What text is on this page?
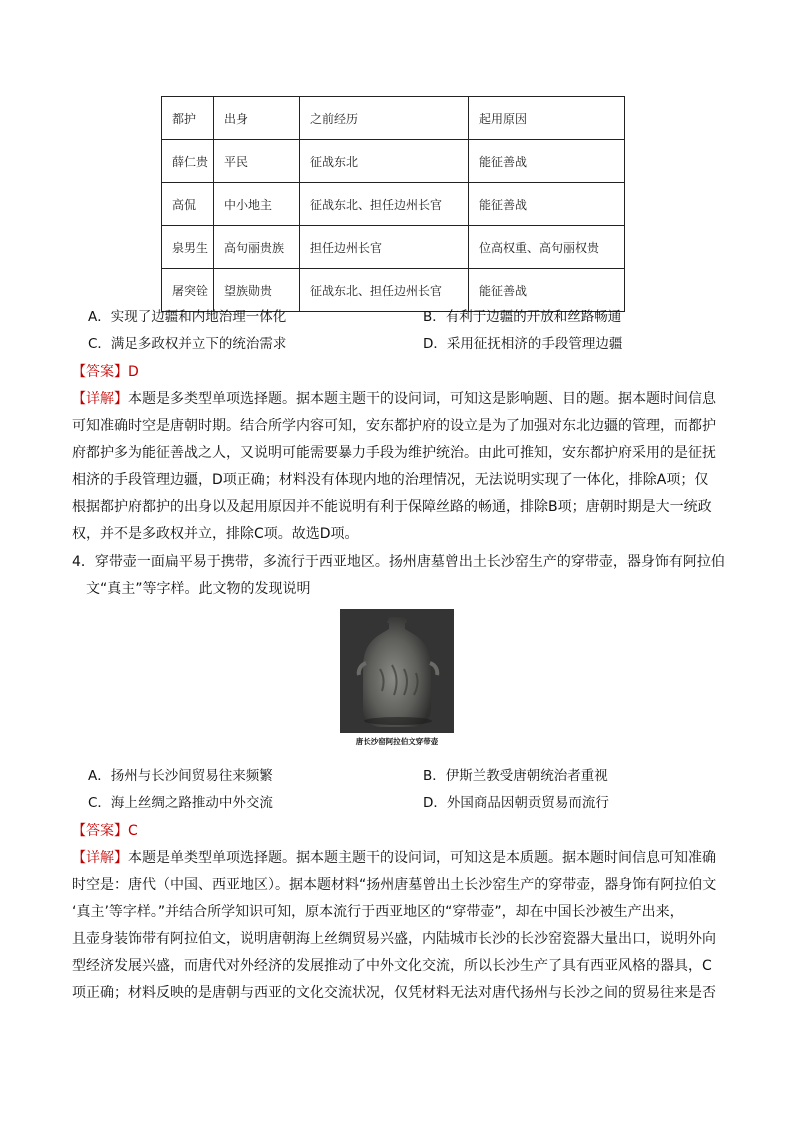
都护	出身	之前经历	起用原因
薛仁贵	平民	征战东北	能征善战
高侃	中小地主	征战东北、担任边州长官	能征善战
泉男生	高句丽贵族	担任边州长官	位高权重、高句丽权贵
屠突铨	望族勋贵	征战东北、担任边州长官	能征善战
A．实现了边疆和内地治理一体化	B．有利于边疆的开放和丝路畅通
C．满足多政权并立下的统治需求	D．采用征抚相济的手段管理边疆
【答案】D
【详解】本题是多类型单项选择题。据本题主题干的设问词，可知这是影响题、目的题。据本题时间信息
可知准确时空是唐朝时期。结合所学内容可知，安东都护府的设立是为了加强对东北边疆的管理，而都护
府都护多为能征善战之人，又说明可能需要暴力手段为维护统治。由此可推知，安东都护府采用的是征抚
相济的手段管理边疆，D项正确；材料没有体现内地的治理情况，无法说明实现了一体化，排除A项；仅
根据都护府都护的出身以及起用原因并不能说明有利于保障丝路的畅通，排除B项；唐朝时期是大一统政
权，并不是多政权并立，排除C项。故选D项。
4．穿带壶一面扁平易于携带，多流行于西亚地区。扬州唐墓曾出土长沙窑生产的穿带壶，器身饰有阿拉伯
文“真主”等字样。此文物的发现说明
唐长沙窑阿拉伯文穿带壶
A．扬州与长沙间贸易往来频繁	B．伊斯兰教受唐朝统治者重视
C．海上丝绸之路推动中外交流	D．外国商品因朝贡贸易而流行
【答案】C
【详解】本题是单类型单项选择题。据本题主题干的设问词，可知这是本质题。据本题时间信息可知准确
时空是：唐代（中国、西亚地区）。据本题材料“扬州唐墓曾出土长沙窑生产的穿带壶，器身饰有阿拉伯文
‘真主’等字样。”并结合所学知识可知，原本流行于西亚地区的“穿带壶”，却在中国长沙被生产出来，
且壶身装饰带有阿拉伯文，说明唐朝海上丝绸贸易兴盛，内陆城市长沙的长沙窑瓷器大量出口，说明外向
型经济发展兴盛，而唐代对外经济的发展推动了中外文化交流，所以长沙生产了具有西亚风格的器具，C
项正确；材料反映的是唐朝与西亚的文化交流状况，仅凭材料无法对唐代扬州与长沙之间的贸易往来是否
